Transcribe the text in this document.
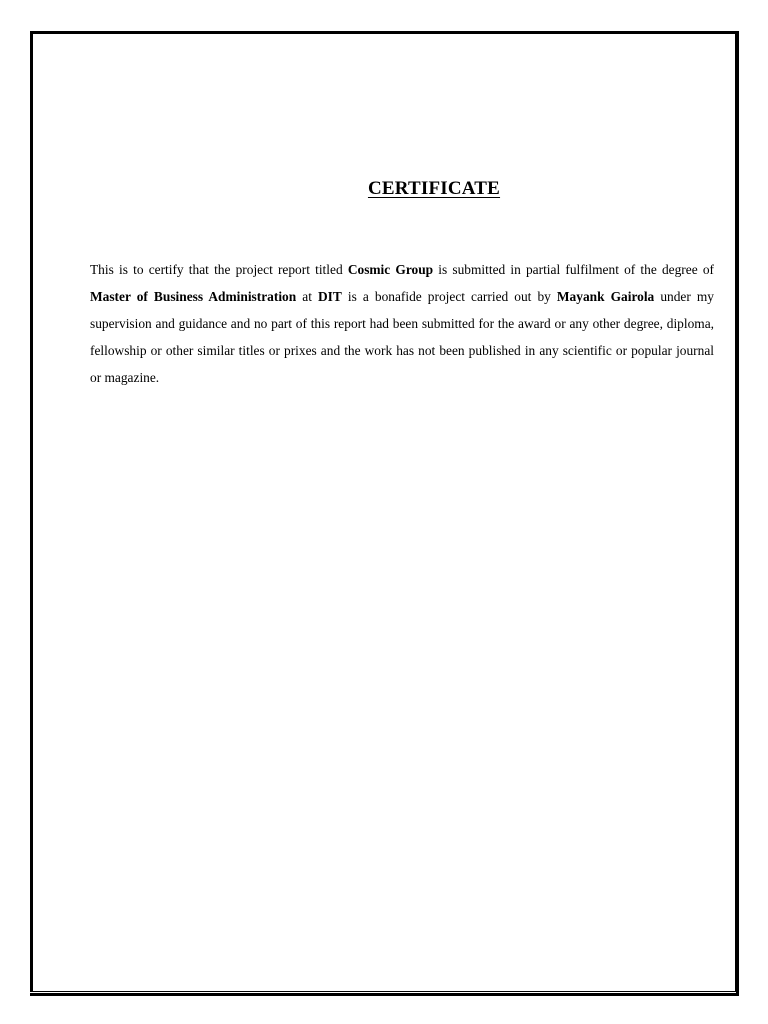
CERTIFICATE

This is to certify that the project report titled Cosmic Group is submitted in partial fulfilment of the degree of Master of Business Administration at DIT is a bonafide project carried out by Mayank Gairola under my supervision and guidance and no part of this report had been submitted for the award or any other degree, diploma, fellowship or other similar titles or prixes and the work has not been published in any scientific or popular journal or magazine.
